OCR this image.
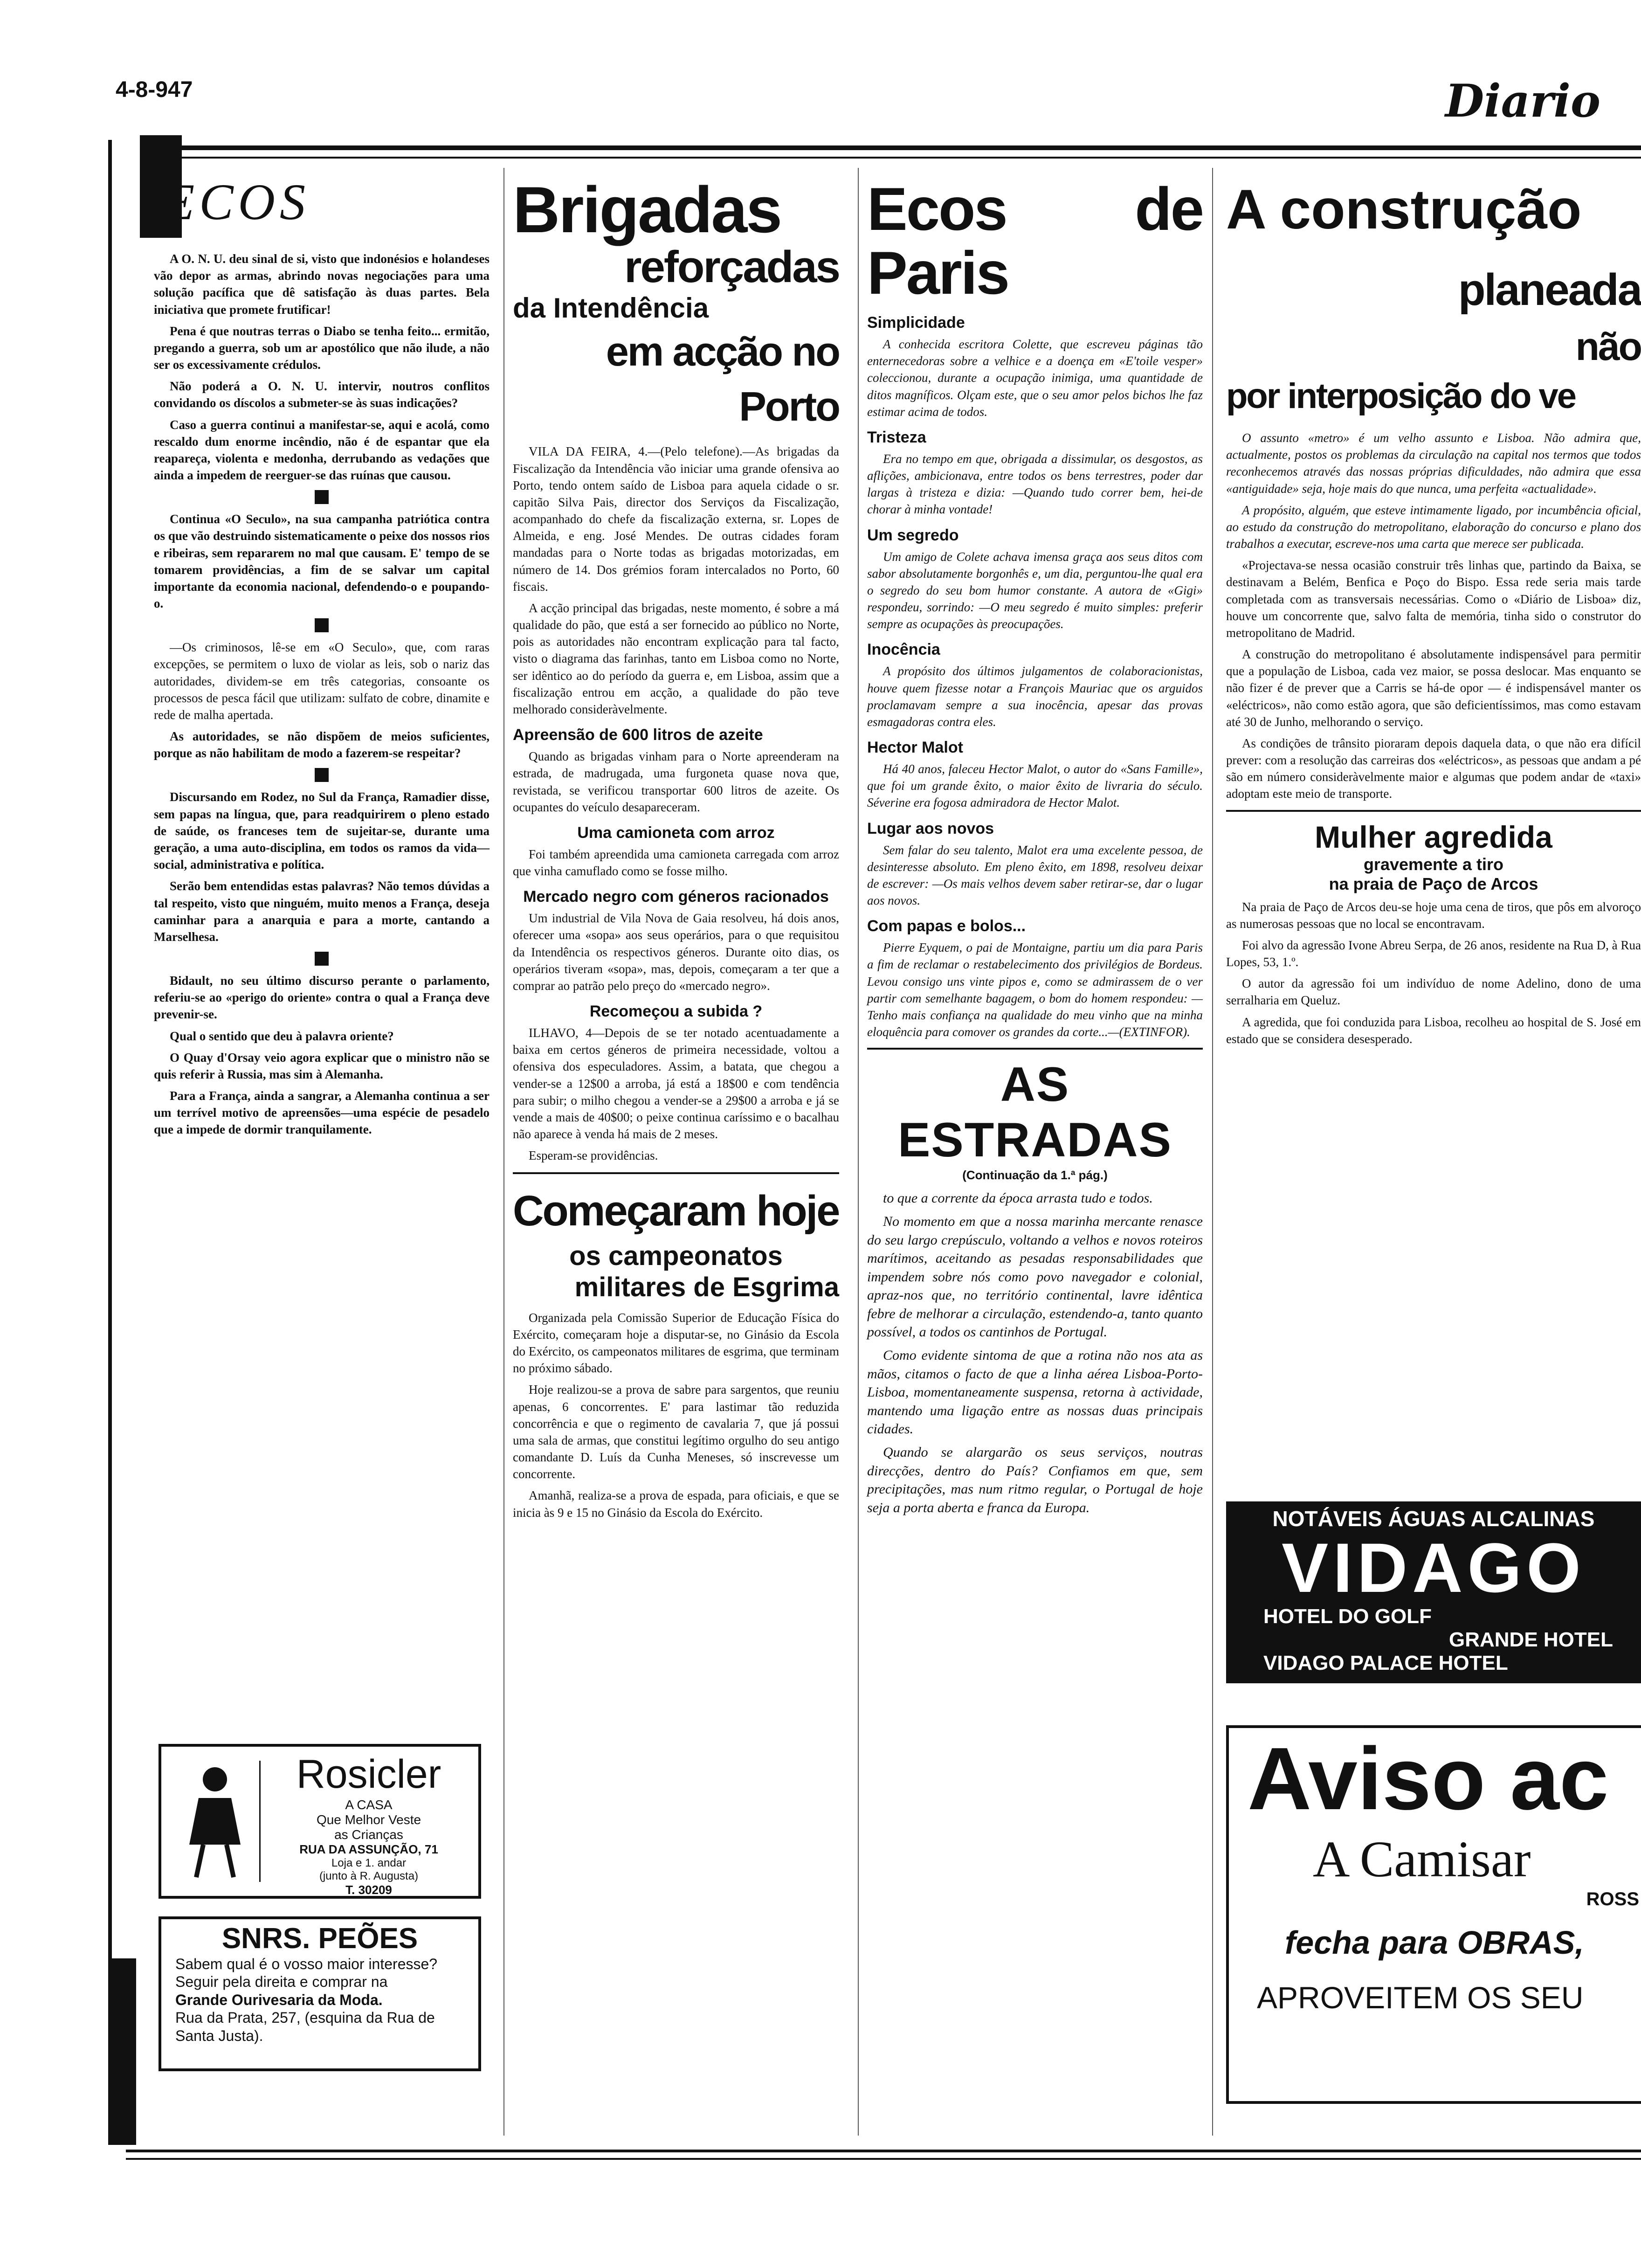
4-8-947	Diario
ECOS

A O. N. U. deu sinal de si, visto que indonésios e holandeses vão depor as armas, abrindo novas negociações para uma solução pacífica que dê satisfação às duas partes. Bela iniciativa que promete frutificar!

Pena é que noutras terras o Diabo se tenha feito... ermitão, pregando a guerra, sob um ar apostólico que não ilude, a não ser os excessivamente crédulos.

Não poderá a O. N. U. intervir, noutros conflitos convidando os díscolos a submeter-se às suas indicações?

Caso a guerra continui a manifestar-se, aqui e acolá, como rescaldo dum enorme incêndio, não é de espantar que ela reapareça, violenta e medonha, derrubando as vedações que ainda a impedem de reerguer-se das ruínas que causou.

Continua «O Seculo», na sua campanha patriótica contra os que vão destruindo sistematicamente o peixe dos nossos rios e ribeiras, sem repararem no mal que causam. E' tempo de se tomarem providências, a fim de se salvar um capital importante da economia nacional, defendendo-o e poupando-o.

—Os criminosos, lê-se em «O Seculo», que, com raras excepções, se permitem o luxo de violar as leis, sob o nariz das autoridades, dividem-se em três categorias, consoante os processos de pesca fácil que utilizam: sulfato de cobre, dinamite e rede de malha apertada.

As autoridades, se não dispõem de meios suficientes, porque as não habilitam de modo a fazerem-se respeitar?

Discursando em Rodez, no Sul da França, Ramadier disse, sem papas na língua, que, para readquirirem o pleno estado de saúde, os franceses tem de sujeitar-se, durante uma geração, a uma auto-disciplina, em todos os ramos da vida—social, administrativa e política.

Serão bem entendidas estas palavras? Não temos dúvidas a tal respeito, visto que ninguém, muito menos a França, deseja caminhar para a anarquia e para a morte, cantando a Marselhesa.

Bidault, no seu último discurso perante o parlamento, referiu-se ao «perigo do oriente» contra o qual a França deve prevenir-se.

Qual o sentido que deu à palavra oriente?

O Quay d'Orsay veio agora explicar que o ministro não se quis referir à Russia, mas sim à Alemanha.

Para a França, ainda a sangrar, a Alemanha continua a ser um terrível motivo de apreensões—uma espécie de pesadelo que a impede de dormir tranquilamente.

Rosicler
A CASA
Que Melhor Veste
as Crianças
RUA DA ASSUNÇÃO, 71
Loja e 1. andar
(junto à R. Augusta)
T. 30209
SNRS. PEÕES
Sabem qual é o vosso maior interesse?
Seguir pela direita e comprar na
Grande Ourivesaria da Moda.
Rua da Prata, 257, (esquina da Rua de Santa Justa).
Brigadas
reforçadas
da Intendência
em acção no Porto

VILA DA FEIRA, 4.—(Pelo telefone).—As brigadas da Fiscalização da Intendência vão iniciar uma grande ofensiva ao Porto, tendo ontem saído de Lisboa para aquela cidade o sr. capitão Silva Pais, director dos Serviços da Fiscalização, acompanhado do chefe da fiscalização externa, sr. Lopes de Almeida, e eng. José Mendes. De outras cidades foram mandadas para o Norte todas as brigadas motorizadas, em número de 14. Dos grémios foram intercalados no Porto, 60 fiscais.

A acção principal das brigadas, neste momento, é sobre a má qualidade do pão, que está a ser fornecido ao público no Norte, pois as autoridades não encontram explicação para tal facto, visto o diagrama das farinhas, tanto em Lisboa como no Norte, ser idêntico ao do período da guerra e, em Lisboa, assim que a fiscalização entrou em acção, a qualidade do pão teve melhorado consideràvelmente.

Apreensão de 600 litros de azeite

Quando as brigadas vinham para o Norte apreenderam na estrada, de madrugada, uma furgoneta quase nova que, revistada, se verificou transportar 600 litros de azeite. Os ocupantes do veículo desapareceram.

Uma camioneta com arroz

Foi também apreendida uma camioneta carregada com arroz que vinha camuflado como se fosse milho.

Mercado negro com géneros racionados

Um industrial de Vila Nova de Gaia resolveu, há dois anos, oferecer uma «sopa» aos seus operários, para o que requisitou da Intendência os respectivos géneros. Durante oito dias, os operários tiveram «sopa», mas, depois, começaram a ter que a comprar ao patrão pelo preço do «mercado negro».

Recomeçou a subida ?

ILHAVO, 4—Depois de se ter notado acentuadamente a baixa em certos géneros de primeira necessidade, voltou a ofensiva dos especuladores. Assim, a batata, que chegou a vender-se a 12$00 a arroba, já está a 18$00 e com tendência para subir; o milho chegou a vender-se a 29$00 a arroba e já se vende a mais de 40$00; o peixe continua caríssimo e o bacalhau não aparece à venda há mais de 2 meses.

Esperam-se providências.

Começaram hoje
os campeonatos
militares de Esgrima

Organizada pela Comissão Superior de Educação Física do Exército, começaram hoje a disputar-se, no Ginásio da Escola do Exército, os campeonatos militares de esgrima, que terminam no próximo sábado.

Hoje realizou-se a prova de sabre para sargentos, que reuniu apenas, 6 concorrentes. E' para lastimar tão reduzida concorrência e que o regimento de cavalaria 7, que já possui uma sala de armas, que constitui legítimo orgulho do seu antigo comandante D. Luís da Cunha Meneses, só inscrevesse um concorrente.

Amanhã, realiza-se a prova de espada, para oficiais, e que se inicia às 9 e 15 no Ginásio da Escola do Exército.

Ecos de Paris
Simplicidade

A conhecida escritora Colette, que escreveu páginas tão enternecedoras sobre a velhice e a doença em «E'toile vesper» coleccionou, durante a ocupação inimiga, uma quantidade de ditos magníficos. Olçam este, que o seu amor pelos bichos lhe faz estimar acima de todos.

Tristeza

Era no tempo em que, obrigada a dissimular, os desgostos, as aflições, ambicionava, entre todos os bens terrestres, poder dar largas à tristeza e dizia: —Quando tudo correr bem, hei-de chorar à minha vontade!

Um segredo

Um amigo de Colete achava imensa graça aos seus ditos com sabor absolutamente borgonhês e, um dia, perguntou-lhe qual era o segredo do seu bom humor constante. A autora de «Gigi» respondeu, sorrindo: —O meu segredo é muito simples: preferir sempre as ocupações às preocupações.

Inocência

A propósito dos últimos julgamentos de colaboracionistas, houve quem fizesse notar a François Mauriac que os arguidos proclamavam sempre a sua inocência, apesar das provas esmagadoras contra eles.

Hector Malot

Há 40 anos, faleceu Hector Malot, o autor do «Sans Famille», que foi um grande êxito, o maior êxito de livraria do século. Séverine era fogosa admiradora de Hector Malot.

Lugar aos novos

Sem falar do seu talento, Malot era uma excelente pessoa, de desinteresse absoluto. Em pleno êxito, em 1898, resolveu deixar de escrever: —Os mais velhos devem saber retirar-se, dar o lugar aos novos.

Com papas e bolos...

Pierre Eyquem, o pai de Montaigne, partiu um dia para Paris a fim de reclamar o restabelecimento dos privilégios de Bordeus. Levou consigo uns vinte pipos e, como se admirassem de o ver partir com semelhante bagagem, o bom do homem respondeu: —Tenho mais confiança na qualidade do meu vinho que na minha eloquência para comover os grandes da corte...—(EXTINFOR).

AS ESTRADAS
(Continuação da 1.ª pág.)

to que a corrente da época arrasta tudo e todos.

No momento em que a nossa marinha mercante renasce do seu largo crepúsculo, voltando a velhos e novos roteiros marítimos, aceitando as pesadas responsabilidades que impendem sobre nós como povo navegador e colonial, apraz-nos que, no território continental, lavre idêntica febre de melhorar a circulação, estendendo-a, tanto quanto possível, a todos os cantinhos de Portugal.

Como evidente sintoma de que a rotina não nos ata as mãos, citamos o facto de que a linha aérea Lisboa-Porto-Lisboa, momentaneamente suspensa, retorna à actividade, mantendo uma ligação entre as nossas duas principais cidades.

Quando se alargarão os seus serviços, noutras direcções, dentro do País? Confiamos em que, sem precipitações, mas num ritmo regular, o Portugal de hoje seja a porta aberta e franca da Europa.

A construção
planeada
não
por interposição do ve

O assunto «metro» é um velho assunto e Lisboa. Não admira que, actualmente, postos os problemas da circulação na capital nos termos que todos reconhecemos através das nossas próprias dificuldades, não admira que essa «antiguidade» seja, hoje mais do que nunca, uma perfeita «actualidade».

A propósito, alguém, que esteve intimamente ligado, por incumbência oficial, ao estudo da construção do metropolitano, elaboração do concurso e plano dos trabalhos a executar, escreve-nos uma carta que merece ser publicada.

«Projectava-se nessa ocasião construir três linhas que, partindo da Baixa, se destinavam a Belém, Benfica e Poço do Bispo. Essa rede seria mais tarde completada com as transversais necessárias. Como o «Diário de Lisboa» diz, houve um concorrente que, salvo falta de memória, tinha sido o construtor do metropolitano de Madrid.

A construção do metropolitano é absolutamente indispensável para permitir que a população de Lisboa, cada vez maior, se possa deslocar. Mas enquanto se não fizer é de prever que a Carris se há-de opor — é indispensável manter os «eléctricos», não como estão agora, que são deficientíssimos, mas como estavam até 30 de Junho, melhorando o serviço.

As condições de trânsito pioraram depois daquela data, o que não era difícil prever: com a resolução das carreiras dos «eléctricos», as pessoas que andam a pé são em número consideràvelmente maior e algumas que podem andar de «taxi» adoptam este meio de transporte.

Mulher agredida
gravemente a tiro
na praia de Paço de Arcos

Na praia de Paço de Arcos deu-se hoje uma cena de tiros, que pôs em alvoroço as numerosas pessoas que no local se encontravam.

Foi alvo da agressão Ivone Abreu Serpa, de 26 anos, residente na Rua D, à Rua Lopes, 53, 1.º.

O autor da agressão foi um indivíduo de nome Adelino, dono de uma serralharia em Queluz.

A agredida, que foi conduzida para Lisboa, recolheu ao hospital de S. José em estado que se considera desesperado.

NOTÁVEIS ÁGUAS ALCALINAS
VIDAGO
HOTEL DO GOLF
GRANDE HOTEL
VIDAGO PALACE HOTEL
Aviso ac
A Camisar
ROSS
fecha para OBRAS,
APROVEITEM OS SEU
